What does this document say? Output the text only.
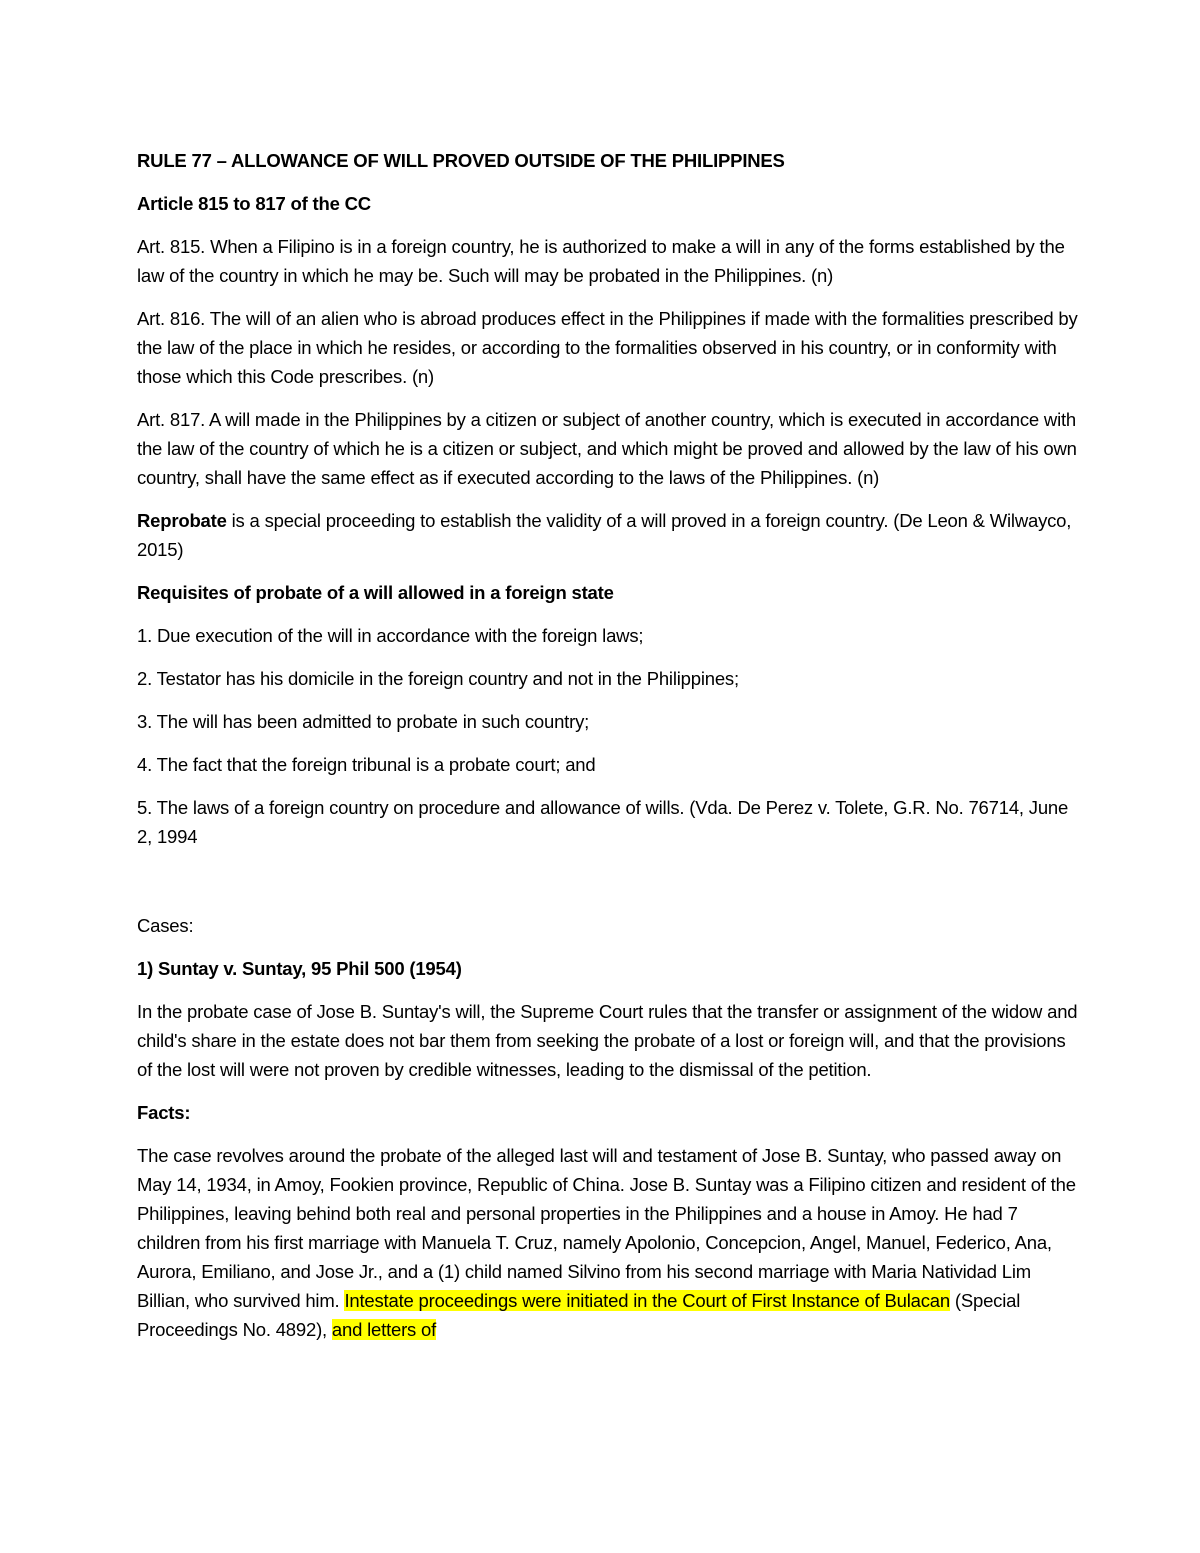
RULE 77 – ALLOWANCE OF WILL PROVED OUTSIDE OF THE PHILIPPINES

Article 815 to 817 of the CC

Art. 815. When a Filipino is in a foreign country, he is authorized to make a will in any of the forms established by the law of the country in which he may be. Such will may be probated in the Philippines. (n)

Art. 816. The will of an alien who is abroad produces effect in the Philippines if made with the formalities prescribed by the law of the place in which he resides, or according to the formalities observed in his country, or in conformity with those which this Code prescribes. (n)

Art. 817. A will made in the Philippines by a citizen or subject of another country, which is executed in accordance with the law of the country of which he is a citizen or subject, and which might be proved and allowed by the law of his own country, shall have the same effect as if executed according to the laws of the Philippines. (n)

Reprobate is a special proceeding to establish the validity of a will proved in a foreign country. (De Leon & Wilwayco, 2015)

Requisites of probate of a will allowed in a foreign state

1. Due execution of the will in accordance with the foreign laws;

2. Testator has his domicile in the foreign country and not in the Philippines;

3. The will has been admitted to probate in such country;

4. The fact that the foreign tribunal is a probate court; and

5. The laws of a foreign country on procedure and allowance of wills. (Vda. De Perez v. Tolete, G.R. No. 76714, June 2, 1994

Cases:

1) Suntay v. Suntay, 95 Phil 500 (1954)

In the probate case of Jose B. Suntay's will, the Supreme Court rules that the transfer or assignment of the widow and child's share in the estate does not bar them from seeking the probate of a lost or foreign will, and that the provisions of the lost will were not proven by credible witnesses, leading to the dismissal of the petition.

Facts:

The case revolves around the probate of the alleged last will and testament of Jose B. Suntay, who passed away on May 14, 1934, in Amoy, Fookien province, Republic of China. Jose B. Suntay was a Filipino citizen and resident of the Philippines, leaving behind both real and personal properties in the Philippines and a house in Amoy. He had 7 children from his first marriage with Manuela T. Cruz, namely Apolonio, Concepcion, Angel, Manuel, Federico, Ana, Aurora, Emiliano, and Jose Jr., and a (1) child named Silvino from his second marriage with Maria Natividad Lim Billian, who survived him. Intestate proceedings were initiated in the Court of First Instance of Bulacan (Special Proceedings No. 4892), and letters of
